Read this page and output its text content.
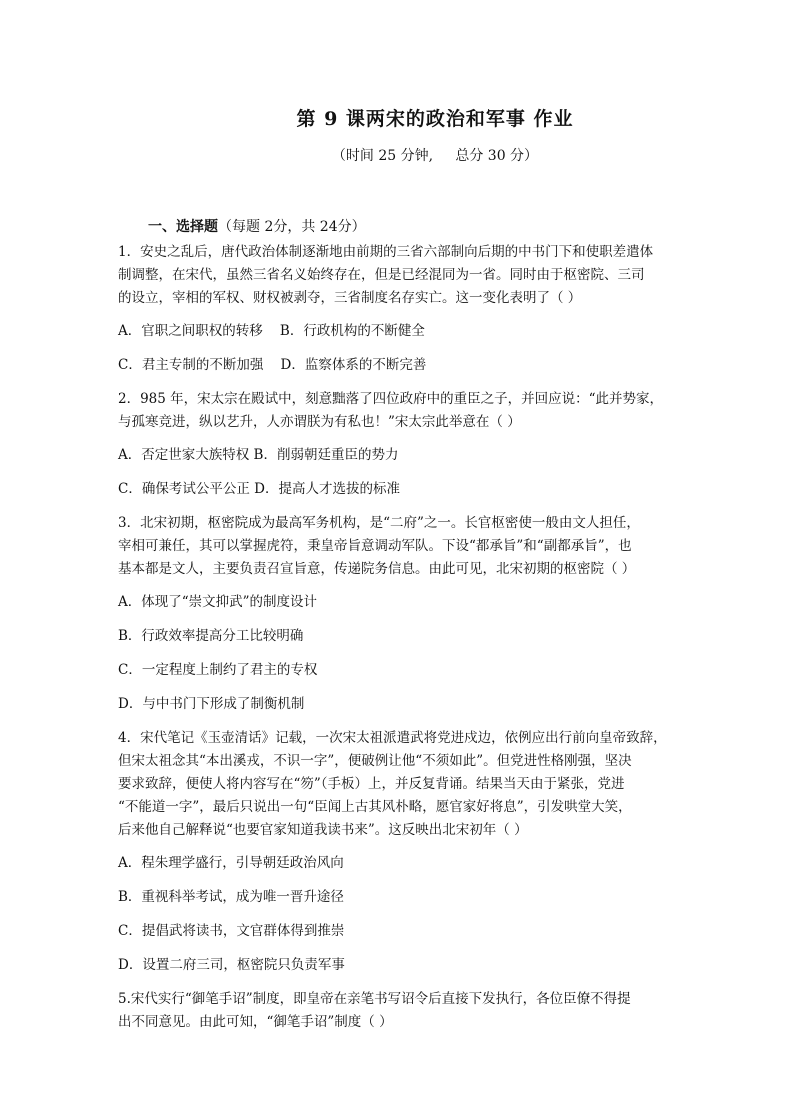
第 9 课两宋的政治和军事 作业
（时间 25 分钟,     总分 30 分）
一、选择题（每题 2分，共 24分）
1．安史之乱后，唐代政治体制逐渐地由前期的三省六部制向后期的中书门下和使职差遣体
制调整，在宋代，虽然三省名义始终存在，但是已经混同为一省。同时由于枢密院、三司
的设立，宰相的军权、财权被剥夺，三省制度名存实亡。这一变化表明了（ ）
A．官职之间职权的转移    B．行政机构的不断健全
C．君主专制的不断加强    D．监察体系的不断完善
2．985 年，宋太宗在殿试中，刻意黜落了四位政府中的重臣之子，并回应说：“此并势家，
与孤寒竞进，纵以艺升，人亦谓朕为有私也！”宋太宗此举意在（ ）
A．否定世家大族特权 B．削弱朝廷重臣的势力
C．确保考试公平公正 D．提高人才选拔的标准
3．北宋初期，枢密院成为最高军务机构，是“二府”之一。长官枢密使一般由文人担任，
宰相可兼任，其可以掌握虎符，秉皇帝旨意调动军队。下设“都承旨”和“副都承旨”，也
基本都是文人，主要负责召宣旨意，传递院务信息。由此可见，北宋初期的枢密院（ ）
A．体现了“崇文抑武”的制度设计
B．行政效率提高分工比较明确
C．一定程度上制约了君主的专权
D．与中书门下形成了制衡机制
4．宋代笔记《玉壶清话》记载，一次宋太祖派遣武将党进戍边，依例应出行前向皇帝致辞，
但宋太祖念其“本出溪戎，不识一字”，便破例让他“不须如此”。但党进性格刚强，坚决
要求致辞，便使人将内容写在“笏”（手板）上，并反复背诵。结果当天由于紧张，党进
“不能道一字”，最后只说出一句“臣闻上古其风朴略，愿官家好将息”，引发哄堂大笑，
后来他自己解释说“也要官家知道我读书来”。这反映出北宋初年（ ）
A．程朱理学盛行，引导朝廷政治风向
B．重视科举考试，成为唯一晋升途径
C．提倡武将读书，文官群体得到推崇
D．设置二府三司，枢密院只负责军事
5.宋代实行“御笔手诏”制度，即皇帝在亲笔书写诏令后直接下发执行，各位臣僚不得提
出不同意见。由此可知，“御笔手诏”制度（ ）
